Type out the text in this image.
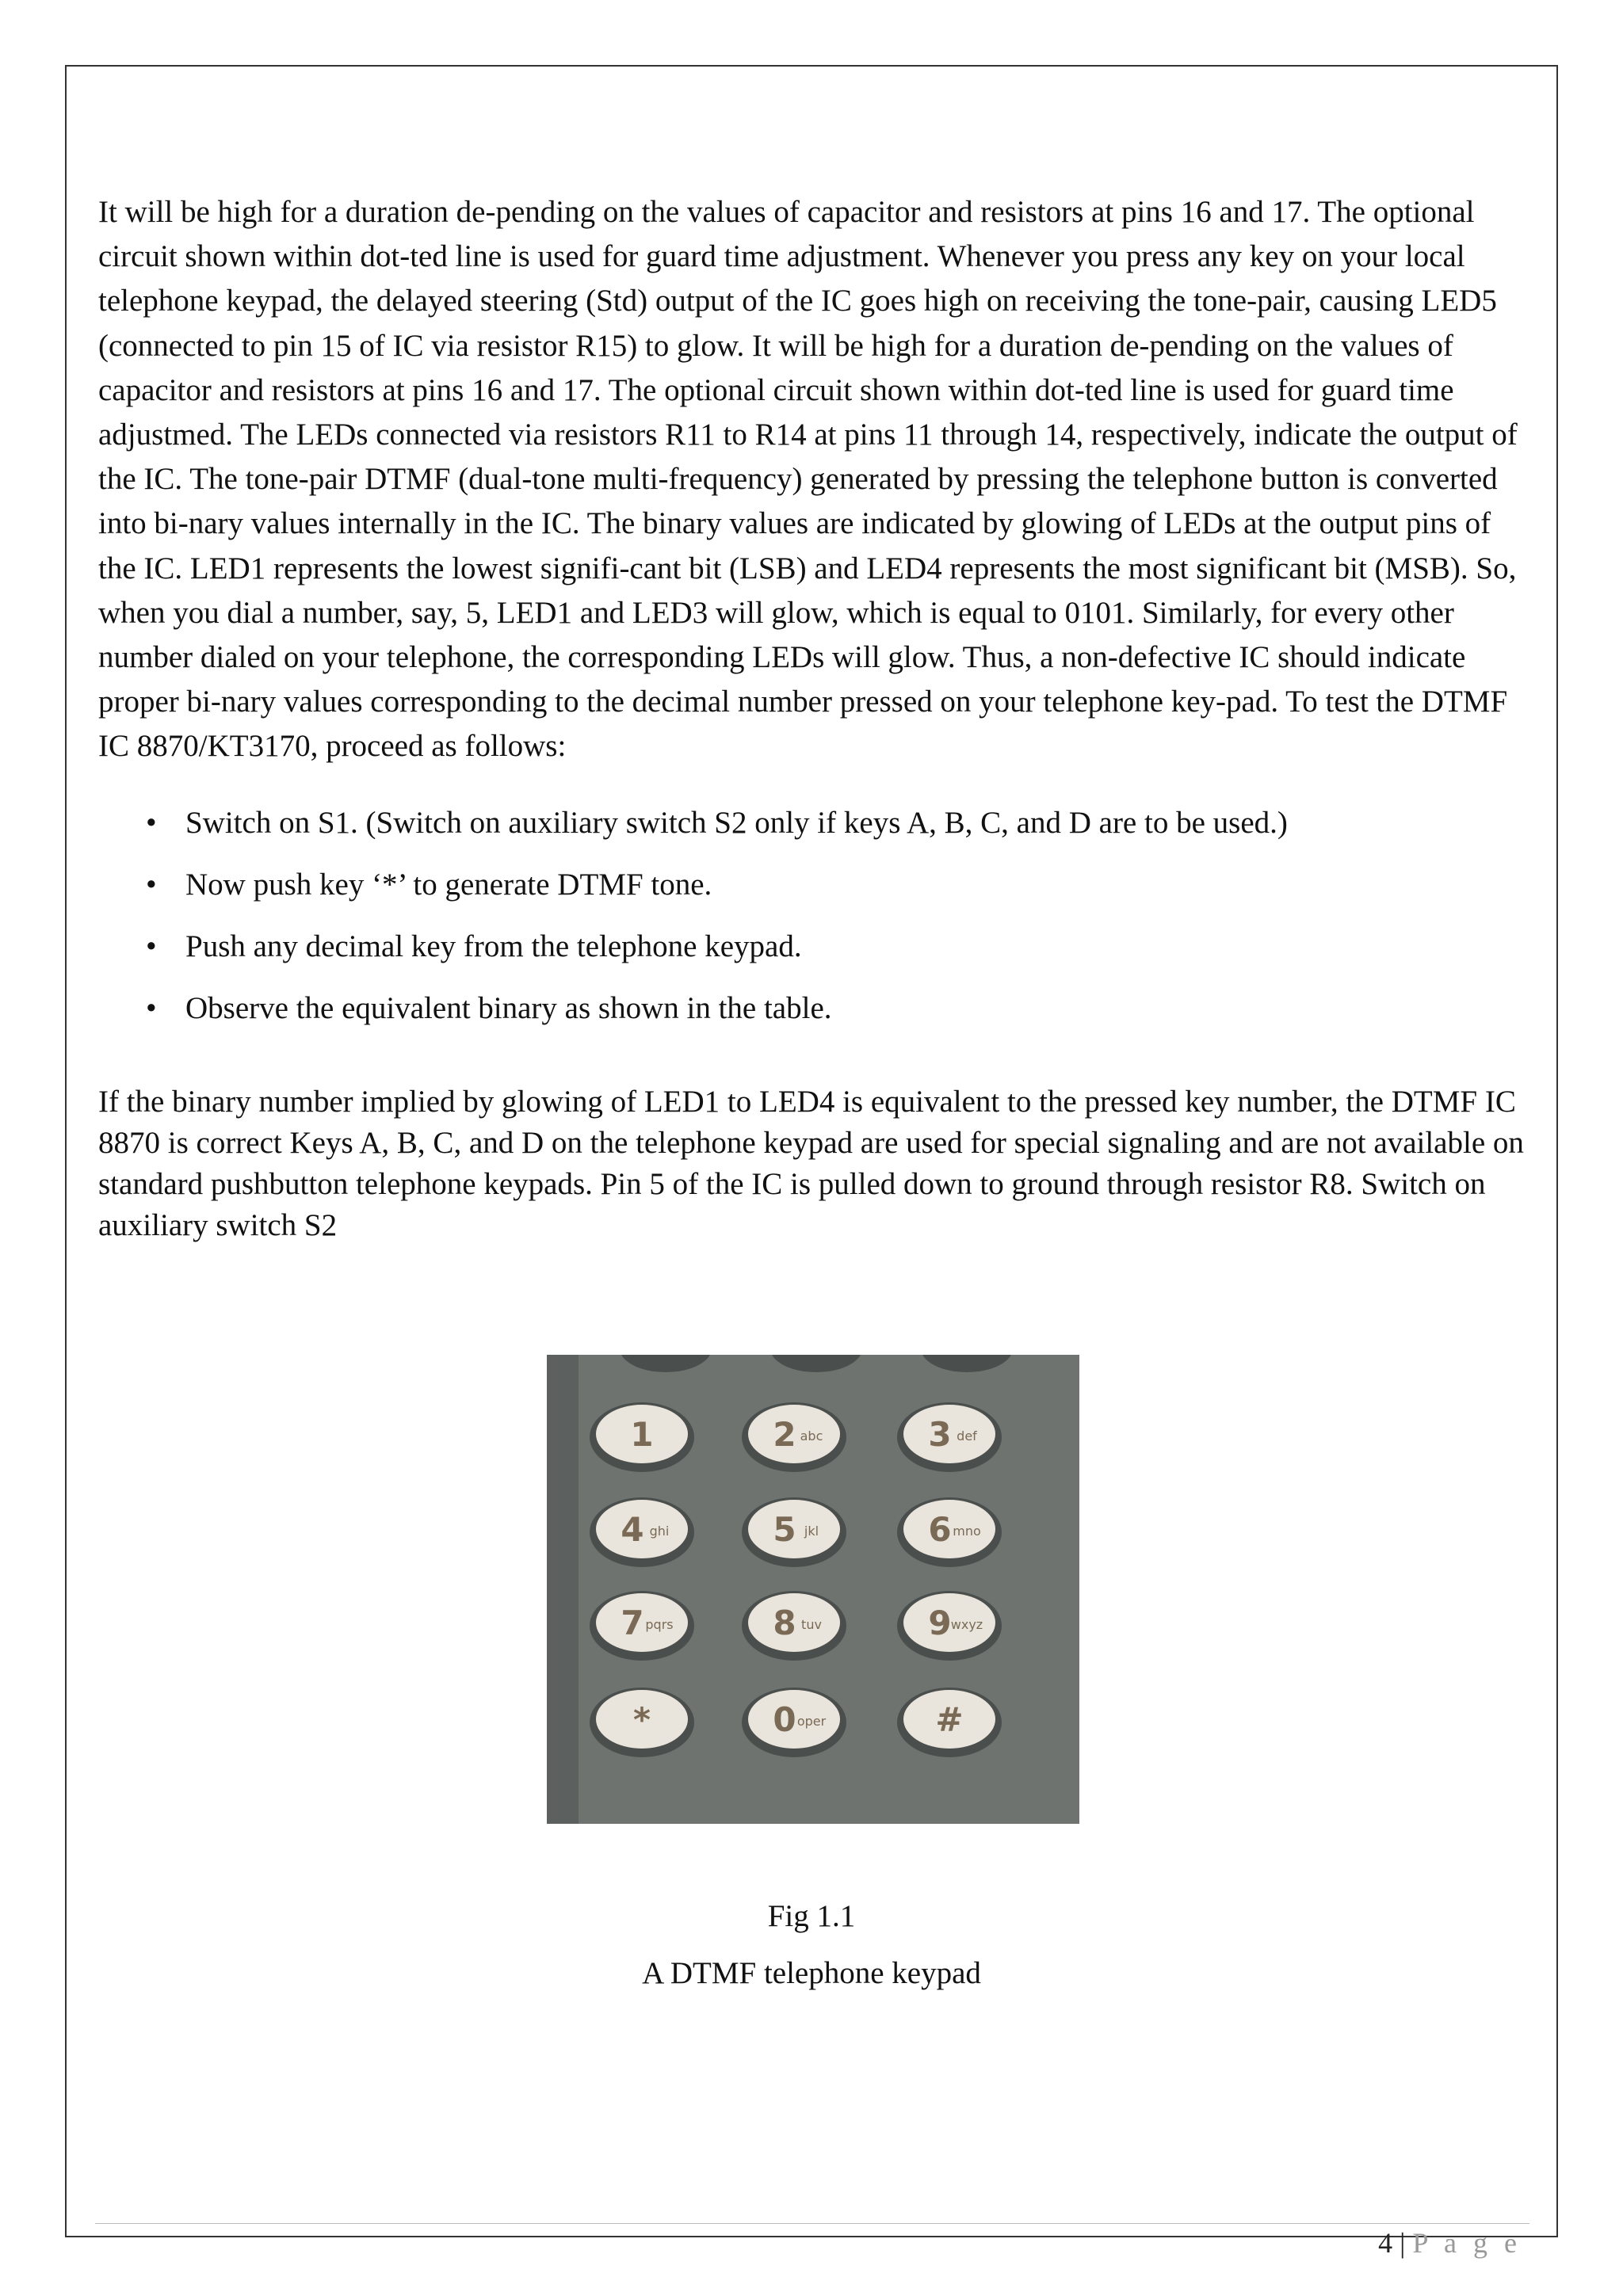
It will be high for a duration de-pending on the values of capacitor and resistors at pins 16 and 17. The optional circuit shown within dot-ted line is used for guard time adjustment. Whenever you press any key on your local telephone keypad, the delayed steering (Std) output of the IC goes high on receiving the tone-pair, causing LED5 (connected to pin 15 of IC via resistor R15) to glow. It will be high for a duration de-pending on the values of capacitor and resistors at pins 16 and 17. The optional circuit shown within dot-ted line is used for guard time adjustmed. The LEDs connected via resistors R11 to R14 at pins 11 through 14, respectively, indicate the output of the IC. The tone-pair DTMF (dual-tone multi-frequency) generated by pressing the telephone button is converted into bi-nary values internally in the IC. The binary values are indicated by glowing of LEDs at the output pins of the IC. LED1 represents the lowest signifi-cant bit (LSB) and LED4 represents the most significant bit (MSB). So, when you dial a number, say, 5, LED1 and LED3 will glow, which is equal to 0101. Similarly, for every other number dialed on your telephone, the corresponding LEDs will glow. Thus, a non-defective IC should indicate proper bi-nary values corresponding to the decimal number pressed on your telephone key-pad. To test the DTMF IC 8870/KT3170, proceed as follows:

• Switch on S1. (Switch on auxiliary switch S2 only if keys A, B, C, and D are to be used.)
• Now push key ‘*’ to generate DTMF tone.
• Push any decimal key from the telephone keypad.
• Observe the equivalent binary as shown in the table.

If the binary number implied by glowing of LED1 to LED4 is equivalent to the pressed key number, the DTMF IC 8870 is correct Keys A, B, C, and D on the telephone keypad are used for special signaling and are not available on standard pushbutton telephone keypads. Pin 5 of the IC is pulled down to ground through resistor R8. Switch on auxiliary switch S2

1	2 abc	3 def
4 ghi	5 jkl	6 mno
7 pqrs	8 tuv	9 wxyz
*	0 oper	#
Fig 1.1
A DTMF telephone keypad
4 | P a g e
